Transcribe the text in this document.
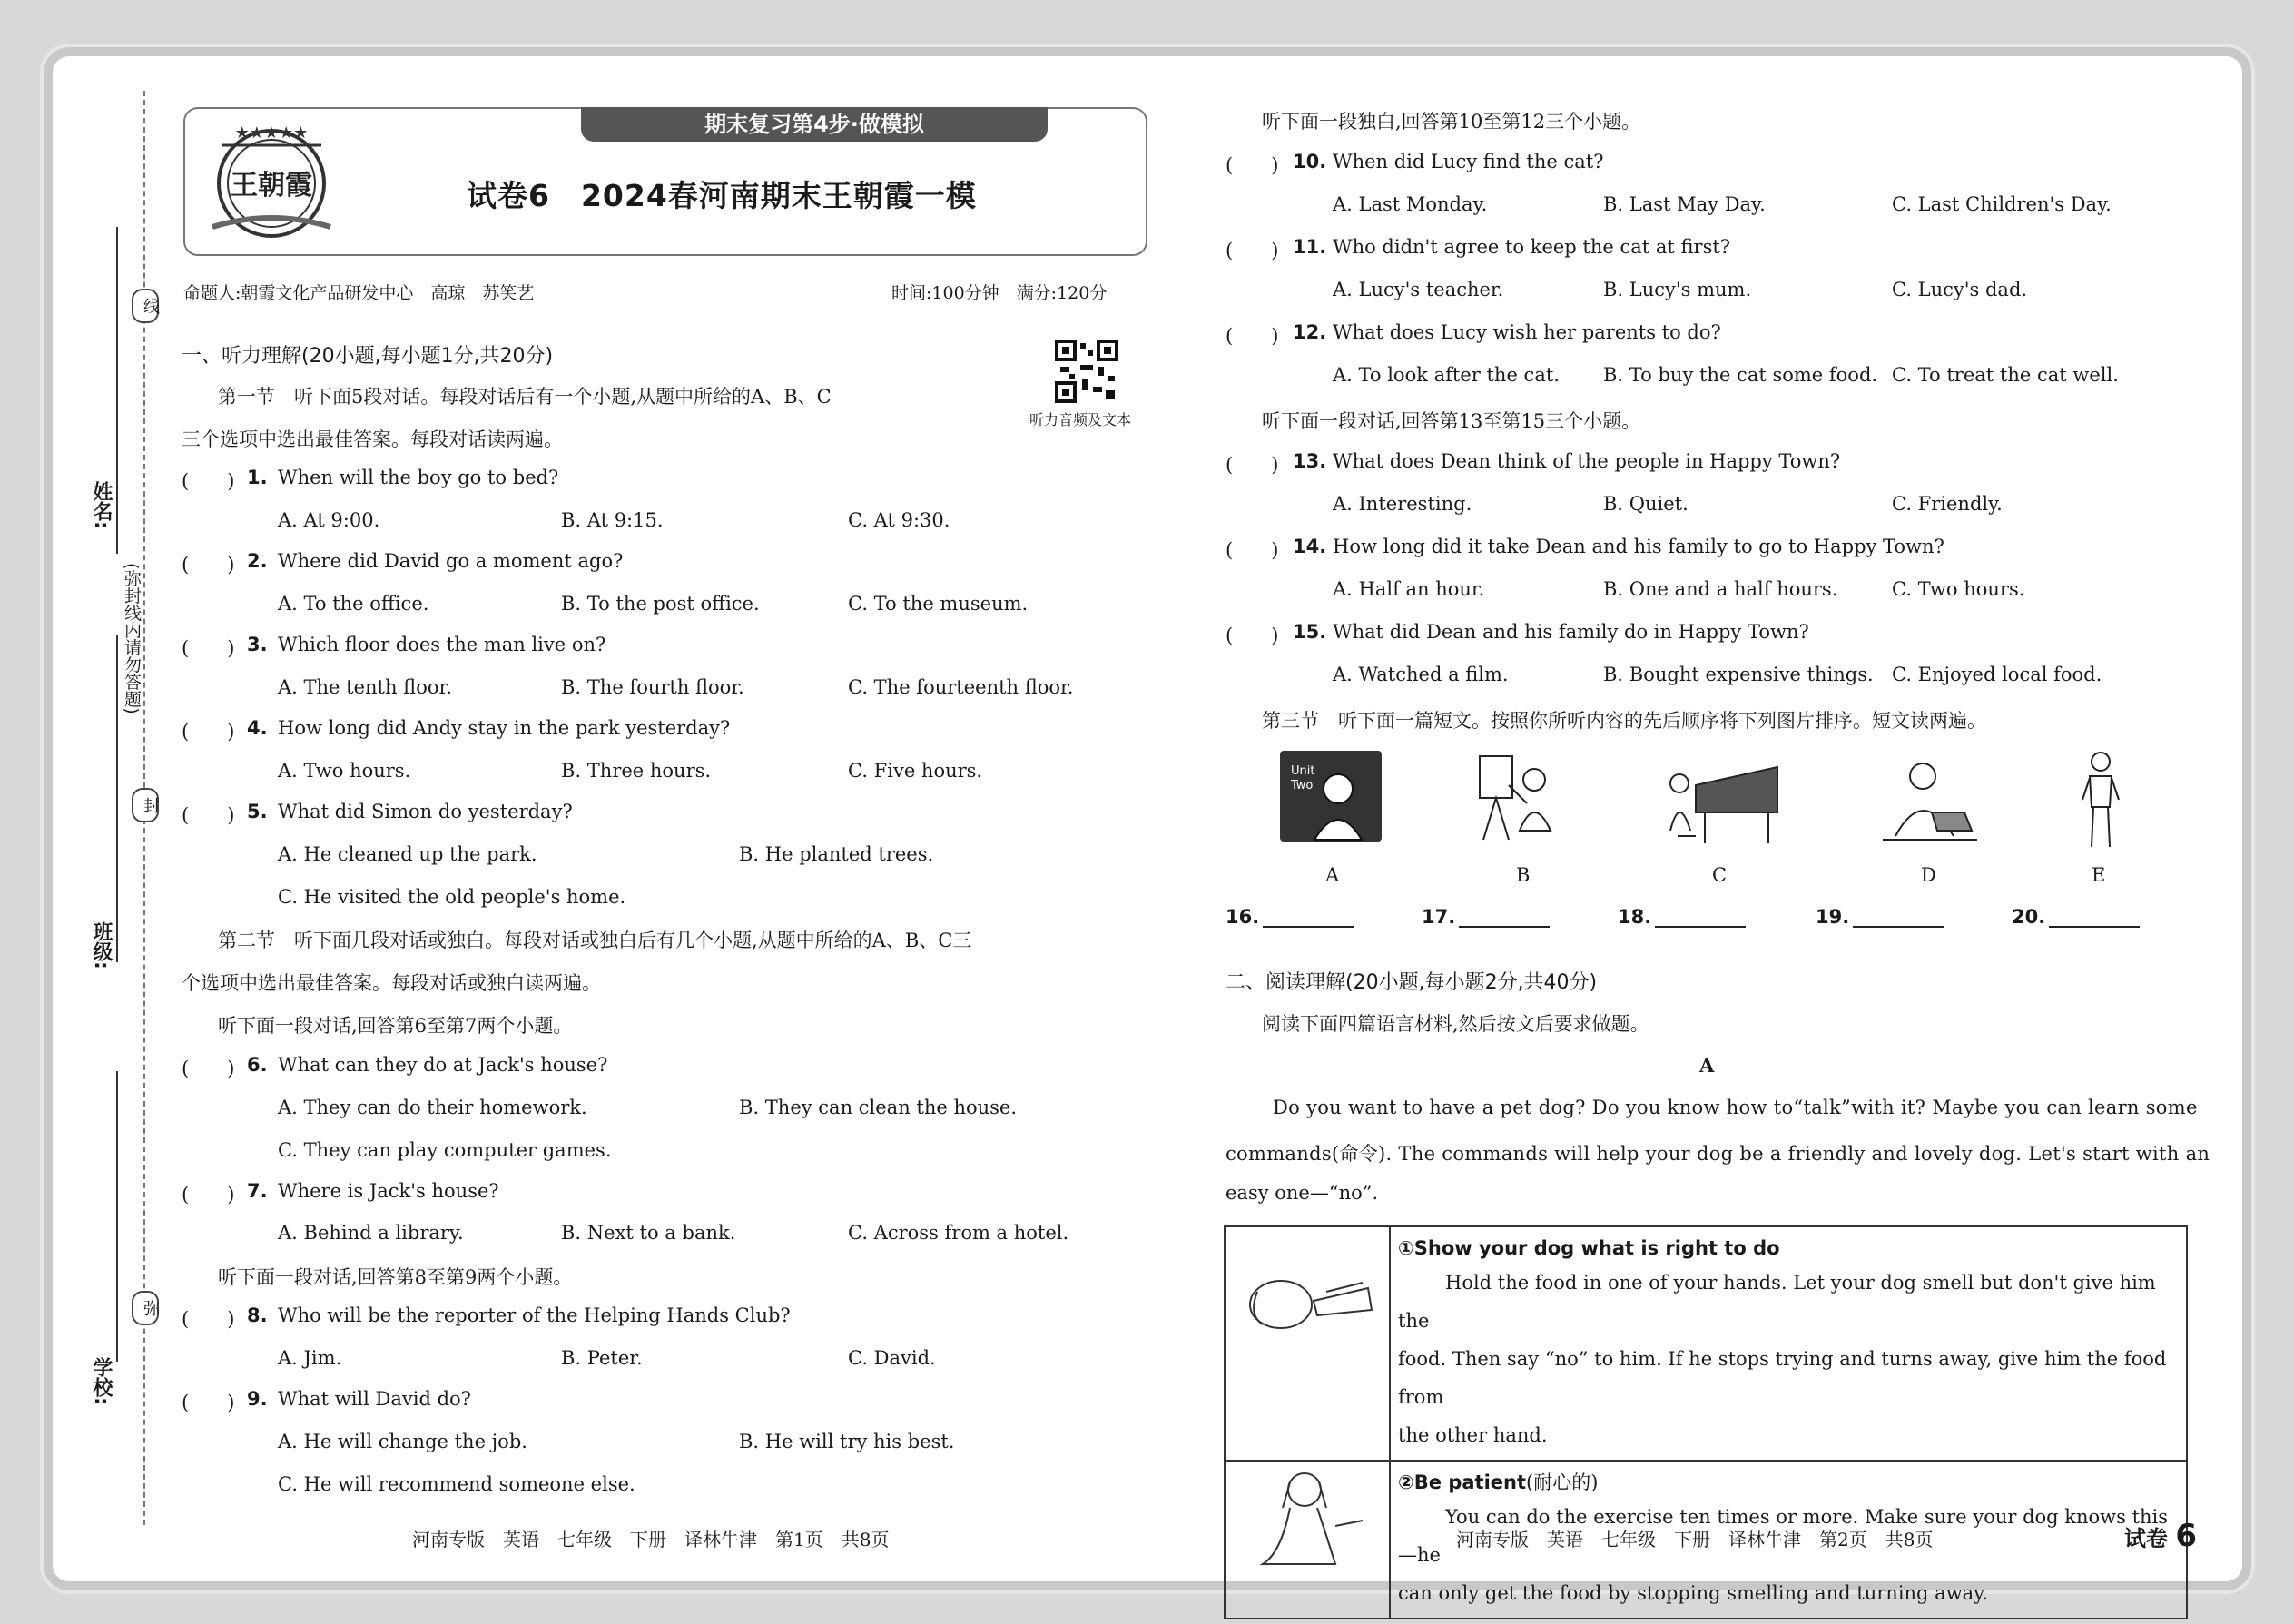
线
封
弥
姓名:
(弥封线内请勿答题)
班级:
学校:
期末复习第4步·做模拟
★★★★★
王朝霞	试卷6　2024春河南期末王朝霞一模
命题人:朝霞文化产品研发中心　高琼　苏笑艺	时间:100分钟　满分:120分
听力音频及文本
一、听力理解(20小题,每小题1分,共20分)
第一节　听下面5段对话。每段对话后有一个小题,从题中所给的A、B、C
三个选项中选出最佳答案。每段对话读两遍。
(　　) 1. When will the boy go to bed?
A. At 9:00.	B. At 9:15.	C. At 9:30.
(　　) 2. Where did David go a moment ago?
A. To the office.	B. To the post office.	C. To the museum.
(　　) 3. Which floor does the man live on?
A. The tenth floor.	B. The fourth floor.	C. The fourteenth floor.
(　　) 4. How long did Andy stay in the park yesterday?
A. Two hours.	B. Three hours.	C. Five hours.
(　　) 5. What did Simon do yesterday?
A. He cleaned up the park.	B. He planted trees.
C. He visited the old people's home.
(　　) 6. What can they do at Jack's house?
A. They can do their homework.	B. They can clean the house.
C. They can play computer games.
(　　) 7. Where is Jack's house?
A. Behind a library.	B. Next to a bank.	C. Across from a hotel.
(　　) 8. Who will be the reporter of the Helping Hands Club?
A. Jim.	B. Peter.	C. David.
(　　) 9. What will David do?
A. He will change the job.	B. He will try his best.
C. He will recommend someone else.
第二节　听下面几段对话或独白。每段对话或独白后有几个小题,从题中所给的A、B、C三
个选项中选出最佳答案。每段对话或独白读两遍。
听下面一段对话,回答第6至第7两个小题。
听下面一段对话,回答第8至第9两个小题。
听下面一段独白,回答第10至第12三个小题。
听下面一段对话,回答第13至第15三个小题。
第三节　听下面一篇短文。按照你所听内容的先后顺序将下列图片排序。短文读两遍。
(　　) 10. When did Lucy find the cat?
A. Last Monday.	B. Last May Day.	C. Last Children's Day.
(　　) 11. Who didn't agree to keep the cat at first?
A. Lucy's teacher.	B. Lucy's mum.	C. Lucy's dad.
(　　) 12. What does Lucy wish her parents to do?
A. To look after the cat. B. To buy the cat some food. C. To treat the cat well.
(　　) 13. What does Dean think of the people in Happy Town?
A. Interesting.	B. Quiet.	C. Friendly.
(　　) 14. How long did it take Dean and his family to go to Happy Town?
A. Half an hour.	B. One and a half hours.	C. Two hours.
(　　) 15. What did Dean and his family do in Happy Town?
A. Watched a film.	B. Bought expensive things. C. Enjoyed local food.
Unit
Two
A	B	C	D	E
16.	17.	18.	19.	20.
二、阅读理解(20小题,每小题2分,共40分)
阅读下面四篇语言材料,然后按文后要求做题。
A
Do you want to have a pet dog? Do you know how to“talk”with it? Maybe you can learn some
commands(命令). The commands will help your dog be a friendly and lovely dog. Let's start with an
easy one—“no”.

①Show your dog what is right to do
Hold the food in one of your hands. Let your dog smell but don't give him the
food. Then say “no” to him. If he stops trying and turns away, give him the food from
the other hand.

②Be patient(耐心的)
You can do the exercise ten times or more. Make sure your dog knows this—he
can only get the food by stopping smelling and turning away.
河南专版　英语　七年级　下册　译林牛津　第1页　共8页	河南专版　英语　七年级　下册　译林牛津　第2页　共8页	试卷 6
